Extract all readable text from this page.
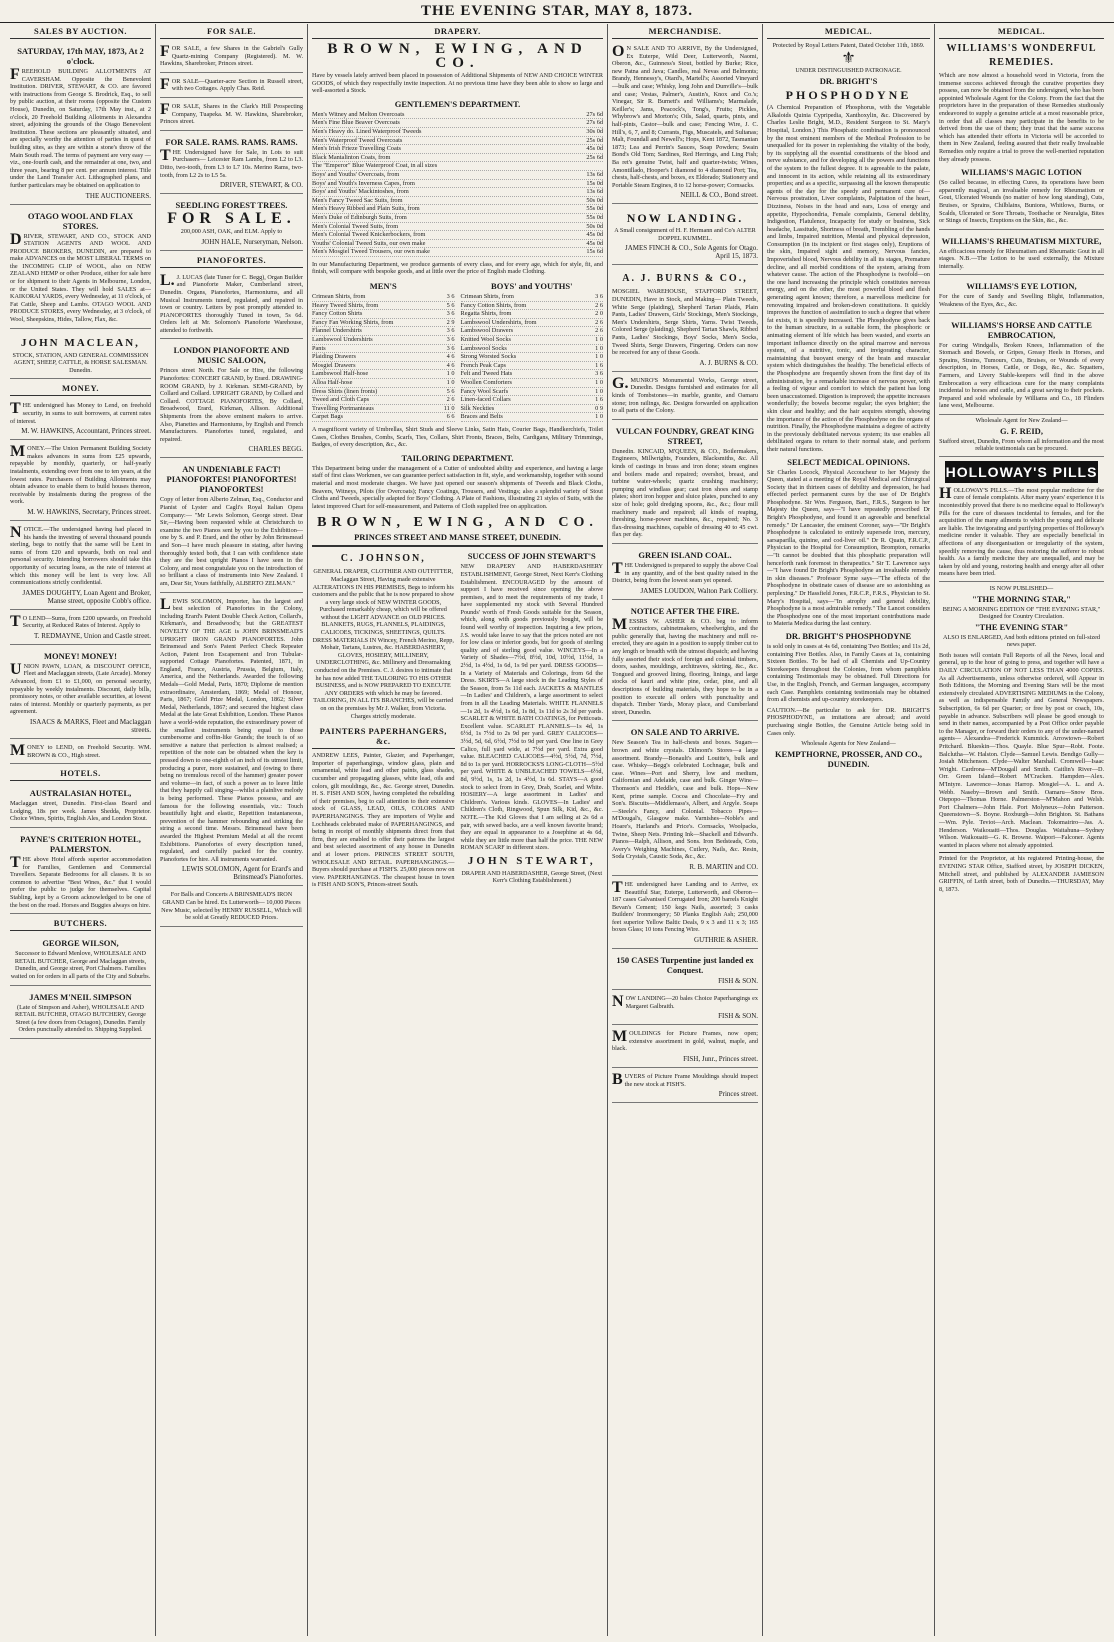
THE EVENING STAR, MAY 8, 1873.
SALES BY AUCTION.
SATURDAY, 17th MAY, 1873, At 2 o'clock.
FREEHOLD BUILDING ALLOTMENTS AT CAVERSHAM. Opposite the Benevolent Institution. DRIVER, STEWART, & CO. are favored with instructions from George S. Brodrick, Esq., to sell by public auction, at their rooms (opposite the Custom House), Dunedin, on Saturday, 17th May inst., at 2 o'clock, 20 Freehold Building Allotments in Alexandra street, adjoining the grounds of the Otago Benevolent Institution. These sections are pleasantly situated, and are specially worthy the attention of parties in quest of building sites, as they are within a stone's throw of the Main South road. The terms of payment are very easy — viz., one-fourth cash, and the remainder at one, two, and three years, bearing 8 per cent. per annum interest. Title under the Land Transfer Act. Lithographed plans, and further particulars may be obtained on application to
THE AUCTIONEERS.
OTAGO WOOL AND FLAX STORES.
DRIVER, STEWART, AND CO., STOCK AND STATION AGENTS AND WOOL AND PRODUCE BROKERS, DUNEDIN, are prepared to make ADVANCES on the MOST LIBERAL TERMS on the INCOMING CLIP of WOOL, also on NEW ZEALAND HEMP or other Produce, either for sale here or for shipment to their Agents in Melbourne, London, or the United States. They will hold SALES at— KAIKORAI YARDS, every Wednesday, at 11 o'clock, of Fat Cattle, Sheep and Lambs. OTAGO WOOL AND PRODUCE STORES, every Wednesday, at 3 o'clock, of Wool, Sheepskins, Hides, Tallow, Flax, &c.
JOHN MACLEAN,
STOCK, STATION, AND GENERAL COMMISSION AGENT, SHEEP, CATTLE, & HORSE SALESMAN. Dunedin.
MONEY.
THE undersigned has Money to Lend, on freehold security, in sums to suit borrowers, at current rates of interest.
M. W. HAWKINS, Accountant, Princes street.
MONEY.—The Union Permanent Building Society makes advances in sums from £25 upwards, repayable by monthly, quarterly, or half-yearly instalments, extending over from one to ten years, at the lowest rates. Purchasers of Building Allotments may obtain advance to enable them to build houses thereon, receivable by instalments during the progress of the work.
M. W. HAWKINS, Secretary, Princes street.
NOTICE.—The undersigned having had placed in his hands the investing of several thousand pounds sterling, begs to notify that the same will be Lent in sums of from £20 and upwards, both on real and personal security. Intending borrowers should take this opportunity of securing loans, as the rate of interest at which this money will be lent is very low. All communications strictly confidential.
JAMES DOUGHTY, Loan Agent and Broker, Manse street, opposite Cobb's office.
TO LEND—Sums, from £200 upwards, on Freehold Security, at Reduced Rates of Interest. Apply to
T. REDMAYNE, Union and Castle street.
MONEY! MONEY!
UNION PAWN, LOAN, & DISCOUNT OFFICE, Fleet and Maclaggan streets, (Late Arcade). Money Advanced, from £1 to £1,000, on personal security, repayable by weekly instalments. Discount, daily bills, promissory notes, or other available securities, at lowest rates of interest. Monthly or quarterly payments, as per agreement.
ISAACS & MARKS, Fleet and Maclaggan streets.
MONEY to LEND, on Freehold Security. WM. BROWN & CO., High street.
HOTELS.
AUSTRALASIAN HOTEL,
Maclaggan street, Dunedin. First-class Board and Lodging, 18s per week. James Shedda, Proprietor. Choice Wines, Spirits, English Ales, and London Stout.
PAYNE'S CRITERION HOTEL, PALMERSTON.
THE above Hotel affords superior accommodation for Families, Gentlemen and Commercial Travellers. Separate Bedrooms for all classes. It is so common to advertise "Best Wines, &c." that I would prefer the public to judge for themselves. Capital Stabling, kept by a Groom acknowledged to be one of the best on the road. Horses and Buggies always on hire.
BUTCHERS.
GEORGE WILSON,
Successor to Edward Menlove, WHOLESALE AND RETAIL BUTCHER, George and Maclaggan streets, Dunedin, and George street, Port Chalmers. Families waited on for orders in all parts of the City and Suburbs.
JAMES M'NEIL SIMPSON
(Late of Simpson and Asher), WHOLESALE AND RETAIL BUTCHER, OTAGO BUTCHERY, George Street (a few doors from Octagon), Dunedin. Family Orders punctually attended to. Shipping Supplied.
FOR SALE.
FOR SALE, a few Shares in the Gabriel's Gully Quartz-mining Company (Registered). M. W. Hawkins, Sharebroker, Princes street.
FOR SALE—Quarter-acre Section in Russell street, with two Cottages. Apply Chas. Reid.
FOR SALE, Shares in the Clark's Hill Prospecting Company, Tuapeka. M. W. Hawkins, Sharebroker, Princes street.
FOR SALE. RAMS. RAMS. RAMS.
THE Undersigned have for Sale, in Lots to suit Purchasers— Leicester Ram Lambs, from L2 to L3. Ditto, two-tooth, from L3 to L7 10s. Merino Rams, two-tooth, from L2 2s to L5 5s.
DRIVER, STEWART, & CO.
SEEDLING FOREST TREES.
FOR SALE.
200,000 ASH, OAK, and ELM. Apply to
JOHN HALE, Nurseryman, Nelson.
PIANOFORTES.
L.J. LUCAS (late Tuner for C. Begg), Organ Builder and Pianoforte Maker, Cumberland street, Dunedin. Organs, Pianofortes, Harmoniums, and all Musical Instruments tuned, regulated, and repaired in town or country. Letters by post promptly attended to. PIANOFORTES thoroughly Tuned in town, 5s 6d. Orders left at Mr. Solomon's Pianoforte Warehouse, attended to forthwith.
LONDON PIANOFORTE AND MUSIC SALOON,
Princes street North. For Sale or Hire, the following Pianofortes: CONCERT GRAND, by Erard. DRAWING-ROOM GRAND, by J. Kirkman. SEMI-GRAND, by Collard and Collard. UPRIGHT GRAND, by Collard and Collard. COTTAGE PIANOFORTES, By Collard, Broadwood, Erard, Kirkman, Allison. Additional Shipments from the above eminent makers to arrive. Also, Pianettes and Harmoniums, by English and French Manufacturers. Pianofortes tuned, regulated, and repaired.
CHARLES BEGG.
AN UNDENIABLE FACT! PIANOFORTES! PIANOFORTES! PIANOFORTES!
Copy of letter from Alberto Zelman, Esq., Conductor and Pianist of Lyster and Cagli's Royal Italian Opera Company:— "Mr Lewis Solomon, George street. Dear Sir,—Having been requested while at Christchurch to examine the two Pianos sent by you to the Exhibition—one by S. and P. Erard, and the other by John Brinsmead and Son—I have much pleasure in stating, after having thoroughly tested both, that I can with confidence state they are the best upright Pianos I have seen in the Colony, and most congratulate you on the introduction of so brilliant a class of instruments into New Zealand. I am, Dear Sir, Yours faithfully, ALBERTO ZELMAN."
LEWIS SOLOMON, Importer, has the largest and best selection of Pianofortes in the Colony, including Erard's Patent Double Check Action, Collard's, Kirkman's, and Broadwood's; but the GREATEST NOVELTY OF THE AGE is JOHN BRINSMEAD'S UPRIGHT IRON GRAND PIANOFORTES. John Brinsmead and Son's Patent Perfect Check Repeater Action, Patent Iron Escapement and Iron Tubular-supported Cottage Pianofortes. Patented, 1871, in England, France, Austria, Prussia, Belgium, Italy, America, and the Netherlands. Awarded the following Medals—Gold Medal, Paris, 1870; Diplome de mention extraordinaire, Amsterdam, 1869; Medal of Honour, Paris, 1867; Gold Prize Medal, London, 1862; Silver Medal, Netherlands, 1867; and secured the highest class Medal at the late Great Exhibition, London. These Pianos have a world-wide reputation, the extraordinary power of the smallest instruments being equal to those cumbersome and coffin-like Grands; the touch is of so sensitive a nature that perfection is almost realised; a repetition of the note can be obtained when the key is pressed down to one-eighth of an inch of its utmost limit, producing a purer, more sustained, and (owing to there being no tremulous recoil of the hammer) greater power and volume—in fact, of such a power as to leave little that they happily call singing—whilst a plainlive melody is being performed. These Pianos possess, and are famous for the following essentials, viz.: Touch beautifully light and elastic, Repetition instantaneous, prevention of the hammer rebounding and striking the string a second time. Messrs. Brinsmead have been awarded the Highest Premium Medal at all the recent Exhibitions. Pianofortes of every description tuned, regulated, and carefully packed for the country. Pianofortes for hire. All instruments warranted.
LEWIS SOLOMON, Agent for Erard's and Brinsmead's Pianofortes.
For Balls and Concerts A BRINSMEAD'S IRON GRAND Can be hired. Ex Lutterworth— 10,000 Pieces New Music, selected by HENRY RUSSELL, Which will be sold at Greatly REDUCED Prices.
DRAPERY.
BROWN, EWING, AND CO.
Have by vessels lately arrived been placed in possession of Additional Shipments of NEW AND CHOICE WINTER GOODS, of which they respectfully invite inspection. At no previous time have they been able to show so large and well-assorted a Stock.
GENTLEMEN'S DEPARTMENT.
Men's Witney and Melton Overcoats	27s 6d
Men's Fine Blue Beaver Overcoats	27s 6d
Men's Heavy do. Lined Waterproof Tweeds	30s 0d
Men's Waterproof Tweed Overcoats	25s 0d
Men's Irish Frieze Travelling Coats	45s 0d
Black Mantalinton Coats, from	25s 6d
The "Emperor" Blue Waterproof Coat, in all sizes
Boys' and Youths' Overcoats, from	13s 6d
Boys' and Youth's Inverness Capes, from	15s 0d
Boys' and Youths' Mackintoshes, from	13s 6d
Men's Fancy Tweed Sac Suits, from	50s 0d
Men's Heavy Ribbed and Plain Suits, from	55s 0d
Men's Duke of Edinburgh Suits, from	55s 0d
Men's Colonial Tweed Suits, from	50s 0d
Men's Colonial Tweed Knickerbockers, from	45s 0d
Youths' Colonial Tweed Suits, our own make	45s 0d
Men's Mosgiel Tweed Trousers, our own make	15s 6d
In our Manufacturing Department, we produce garments of every class, and for every age, which for style, fit, and finish, will compare with bespoke goods, and at little over the price of English made Clothing.
MEN'S
Crimean Shirts, from	3 6
Heavy Tweed Shirts, from	5 6
Fancy Cotton Shirts	3 6
Fancy Fan Working Shirts, from	2 9
Flannel Undershirts	3 6
Lambswool Undershirts	3 6
Pants	3 6
Plaiding Drawers	4 6
Mosgiel Drawers	4 6
Lambswool Half-hose	1 0
Alloa Half-hose	1 0
Dress Shirts (linen fronts)	5 6
Tweed and Cloth Caps	2 6
Travelling Portmanteaus	11 0
Carpet Bags	6 6
BOYS' and YOUTHS'
Crimean Shirts, from	3 6
Fancy Cotton Shirts, from	2 6
Regatta Shirts, from	2 0
Lambswool Undershirts, from	2 6
Lambswool Drawers	2 6
Knitted Wool Socks	1 0
Lambswool Socks	1 0
Strong Worsted Socks	1 0
French Peak Caps	1 6
Felt and Tweed Hats	3 6
Woollen Comforters	1 0
Fancy Wool Scarfs	1 0
Linen-faced Collars	1 6
Silk Neckties	0 9
Braces and Belts	1 0
A magnificent variety of Umbrellas, Shirt Studs and Sleeve Links, Satin Hats, Courier Bags, Handkerchiefs, Toilet Cases, Clothes Brushes, Combs, Scarfs, Ties, Collars, Shirt Fronts, Braces, Belts, Cardigans, Military Trimmings, Badges, of every description, &c., &c.
TAILORING DEPARTMENT.
This Department being under the management of a Cutter of undoubted ability and experience, and having a large staff of first class Workmen, we can guarantee perfect satisfaction in fit, style, and workmanship, together with sound material and most moderate charges. We have just opened our season's shipments of Tweeds and Black Cloths, Beavers, Witneys, Pilots (for Overcoats); Fancy Coatings, Trousers, and Vestings; also a splendid variety of Stout Cloths and Tweeds, specially adapted for Boys' Clothing. A Plate of Fashions, illustrating 21 styles of Suits, with the latest improved Chart for self-measurement, and Patterns of Cloth supplied free on application.
BROWN, EWING, AND CO.
PRINCES STREET AND MANSE STREET, DUNEDIN.
C. JOHNSON,
GENERAL DRAPER, CLOTHIER AND OUTFITTER, Maclaggan Street, Having made extensive ALTERATIONS IN HIS PREMISES, Begs to inform his customers and the public that he is now prepared to show a very large stock of NEW WINTER GOODS, Purchased remarkably cheap, which will be offered without the LIGHT ADVANCE on OLD PRICES. BLANKETS, RUGS, FLANNELS, PLAIDINGS, CALICOES, TICKINGS, SHEETINGS, QUILTS. DRESS MATERIALS IN Wincey, French Merino, Repp, Mohair, Tartans, Lustres, &c. HABERDASHERY, GLOVES, HOSIERY, MILLINERY, UNDERCLOTHING, &c. Millinery and Dressmaking conducted on the Premises. C. J. desires to intimate that he has now added THE TAILORING TO HIS OTHER BUSINESS, and is NOW PREPARED TO EXECUTE ANY ORDERS with which he may be favored. TAILORING, IN ALL ITS BRANCHES, will be carried on on the premises by Mr J. Walker, from Victoria. Charges strictly moderate.
PAINTERS PAPERHANGERS, &c.
ANDREW LEES, Painter, Glazier, and Paperhanger, Importer of paperhangings, window glass, plain and ornamental, white lead and other paints, glass shades, cucumber and propagating glasses, white lead, oils and colors, gilt mouldings, &c., &c. George street, Dunedin. H. S. FISH AND SON, having completed the rebuilding of their premises, beg to call attention to their extensive stock of GLASS, LEAD, OILS, COLORS AND PAPERHANGINGS. They are importers of Wylie and Lochheads celebrated make of PAPERHANGINGS, and being in receipt of monthly shipments direct from that firm, they are enabled to offer their patrons the largest and best selected assortment of any house in Dunedin and at lower prices. PRINCES STREET SOUTH, WHOLESALE AND RETAIL. PAPERHANGINGS.— Buyers should purchase at FISH'S. 25,000 pieces now on view. PAPERHANGINGS. The cheapest house in town is FISH AND SON'S, Princes-street South.
SUCCESS OF JOHN STEWART'S
NEW DRAPERY AND HABERDASHERY ESTABLISHMENT, George Street, Next Kerr's Clothing Establishment. ENCOURAGED by the amount of support I have received since opening the above premises, and to meet the requirements of my trade, I have supplemented my stock with Several Hundred Pounds' worth of Fresh Goods suitable for the Season, which, along with goods previously bought, will be found well worthy of inspection. Inquiring a few prices, J.S. would take leave to say that the prices noted are not for low class or inferior goods, but for goods of sterling quality and of sterling good value. WINCEYS—In a Variety of Shades—7½d, 8½d, 10d, 10½d, 11½d, 1s 2½d, 1s 4½d, 1s 6d, 1s 9d per yard. DRESS GOODS—In a Variety of Materials and Colorings, from 6d the Dress. SKIRTS—A large stock in the Leading Styles of the Season, from 5s 11d each. JACKETS & MANTLES—In Ladies' and Children's, a large assortment to select from in all the Leading Materials. WHITE FLANNELS—1s 2d, 1s 4½d, 1s 6d, 1s 8d, 1s 11d to 2s 3d per yards. SCARLET & WHITE BATH COATINGS, for Petticoats. Excellent value. SCARLET FLANNELS—1s 4d, 1s 6½d, 1s 7½d to 2s 9d per yard. GREY CALICOES—3½d, 5d, 6d, 6½d, 7½d to 9d per yard. One line in Grey Calico, full yard wide, at 7½d per yard. Extra good value. BLEACHED CALICOES—4½d, 5½d, 7d, 7½d, 8d to 1s per yard. HORROCKS'S LONG-CLOTH—5½d per yard. WHITE & UNBLEACHED TOWELS—6½d, 8d, 9½d, 1s, 1s 2d, 1s 4½d, 1s 6d. STAYS—A good stock to select from in Grey, Drab, Scarlet, and White. HOSIERY—A large assortment in Ladies' and Children's. Various kinds. GLOVES—In Ladies' and Children's Cloth, Ringwood, Spun Silk, Kid, &c., &c. NOTE.—The Kid Gloves that I am selling at 2s 6d a pair, with sewed backs, are a well known favorite brand; they are equal in appearance to a Josephine at 4s 6d, while they are little more than half the price. THE NEW ROMAN SCARF in different sizes.
JOHN STEWART,
DRAPER AND HABERDASHER, George Street, (Next Kerr's Clothing Establishment.)
MERCHANDISE.
ON SALE AND TO ARRIVE, By the Undersigned, Ex Euterpe, Wild Deer, Lutterworth, Naomi, Oberon, &c., Guinness's Stout, bottled by Burke; Rice, new Patna and Java; Candles, real Nevas and Belmonts; Brandy, Hennessy's, Otard's, Martell's; Assorted Vineyard—bulk and case; Whisky, long John and Dunville's—bulk and case; Vestas, Palmer's, Austin's, Knox and Co.'s; Vinegar, Sir R. Burnett's and Williams's; Marmalade, Keiller's; Jams, Peacock's, Tong's, Fruits; Pickles, Whybrow's and Morton's; Oils, Salad, quarts, pints, and half-pints, Castor—bulk and case; Fencing Wire, J. C. Hill's, 6, 7, and 8; Currants, Figs, Muscatels, and Sultanas; Malt, Foundall and Newell's; Hops, Kent 1872, Tasmanian 1873; Lea and Perrin's Sauces, Soap Powders; Swain Bond's Old Tom; Sardines, Red Herrings, and Ling Fish; Ba ret's genuine Twist, half and quarter-twists; Wines, Amontillado, Hooper's I diamond to 4 diamond Port; Tea, chests, half-chests, and boxes, ex Eldorado; Stationery and Portable Steam Engines, 8 to 12 horse-power; Cornsacks.
NEILL & CO., Bond street.
NOW LANDING.
A Small consignment of H. F. Hermann and Co's ALTER DOPPEL KUMMEL.
JAMES FINCH & CO., Sole Agents for Otago. April 15, 1873.
A. J. BURNS & CO.,
MOSGIEL WAREHOUSE, STAFFORD STREET, DUNEDIN, Have in Stock, and Making— Plain Tweeds, White Serge (plaiding), Shepherd Tartan Plaids, Plain Pants, Ladies' Drawers, Girls' Stockings, Men's Stockings, Men's Undershirts, Serge Shirts, Yarns. Twist Tweeds, Colored Serge (plaiding), Shepherd Tartan Shawls, Ribbed Pants, Ladies' Stockings, Boys' Socks, Men's Socks, Tweed Shirts, Serge Drawers, Fingering. Orders can now be received for any of these Goods.
A. J. BURNS & CO.
G.MUNRO'S Monumental Works, George street, Dunedin. Designs furnished and estimates for all kinds of Tombstones—in marble, granite, and Oamaru stone; iron railings, &c. Designs forwarded on application to all parts of the Colony.
VULCAN FOUNDRY, GREAT KING STREET,
Dunedin. KINCAID, M'QUEEN, & CO., Boilermakers, Engineers, Millwrights, Founders, Blacksmiths, &c. All kinds of castings in brass and iron done; steam engines and boilers made and repaired; overshot, breast, and turbine water-wheels; quartz crushing machinery; pumping and windlass gear; cast iron shoes and stamp plates; short iron hopper and sluice plates, punched to any size of hole; gold dredging spoons, &c., &c.; flour mill machinery made and repaired; all kinds of reaping, threshing, horse-power machines, &c., repaired; No. 3 flax-dressing machines, capable of dressing 40 to 45 cwt. flax per day.
GREEN ISLAND COAL.
THE Undersigned is prepared to supply the above Coal in any quantity, and of the best quality raised in the District, being from the lowest seam yet opened.
JAMES LOUDON, Walton Park Colliery.
NOTICE AFTER THE FIRE.
MESSRS W. ASHER & CO. beg to inform contractors, cabinetmakers, wheelwrights, and the public generally that, having the machinery and mill re-erected, they are again in a position to supply timber cut to any length or breadth with the utmost dispatch; and having fully assorted their stock of foreign and colonial timbers, doors, sashes, mouldings, architraves, skirting, &c., &c. Tongued and grooved lining, flooring, linings, and large stocks of kauri and white pine, cedar, pine, and all descriptions of building materials, they hope to be in a position to execute all orders with punctuality and dispatch. Timber Yards, Moray place, and Cumberland street, Dunedin.
ON SALE AND TO ARRIVE.
New Season's Tea in half-chests and boxes. Sugars—brown and white crystals. Dilmont's Stores—a large assortment. Brandy—Bonault's and Louitte's, bulk and case. Whisky—Begg's celebrated Lochnagar, bulk and case. Wines—Port and Sherry, low and medium, Californian and Adelaide, case and bulk. Ginger Wine—Thomson's and Heddle's, case and bulk. Hops—New Kent, prime sample. Cocoa and Chocolate—Fry and Son's. Biscuits—Middlemass's, Albert, and Argyle. Soaps—Steele's Fancy, and Colonial. Tobacco Pipes—M'Dougal's, Glasgow make. Varnishes—Noble's and Hoare's, Harland's and Price's. Cornsacks, Woolpacks, Twine, Sheep Nets. Printing Ink—Shackell and Edward's. Pianos—Ralph, Allison, and Sons. Iron Bedsteads, Cots, Avery's Weighing Machines, Cutlery, Nails, &c. Resin, Soda Crystals, Caustic Soda, &c., &c.
R. B. MARTIN and CO.
THE undersigned have Landing and to Arrive, ex Beautiful Star, Euterpe, Lutterworth, and Oberon— 187 cases Galvanised Corrugated Iron; 200 barrels Knight Bevan's Cement; 150 kegs Nails, assorted; 3 casks Builders' Ironmongery; 50 Planks English Ash; 250,000 feet superior Yellow Baltic Deals, 9 x 3 and 11 x 3; 165 boxes Glass; 10 tons Fencing Wire.
GUTHRIE & ASHER.
150 CASES Turpentine just landed ex Conquest.
FISH & SON.
NOW LANDING—20 bales Choice Paperhangings ex Margaret Galbraith.
FISH & SON.
MOULDINGS for Picture Frames, now open; extensive assortment in gold, walnut, maple, and black.
FISH, Junr., Princes street.
BUYERS of Picture Frame Mouldings should inspect the new stock at FISH'S.
Princes street.
MEDICAL.
Protected by Royal Letters Patent, Dated October 11th, 1869.
⚜
UNDER DISTINGUISHED PATRONAGE.
DR. BRIGHT'S
PHOSPHODYNE
(A Chemical Preparation of Phosphorus, with the Vegetable Alkaloids Quinia Cypripedia, Xanthoxylin, &c. Discovered by Charles Leslie Bright, M.D., Resident Surgeon to St. Mary's Hospital, London.) This Phosphatic combination is pronounced by the most eminent members of the Medical Profession to be unequalled for its power in replenishing the vitality of the body, by its supplying all the essential constituents of the blood and nerve substance, and for developing all the powers and functions of the system to the fullest degree. It is agreeable to the palate, and innocent in its action, while retaining all its extraordinary properties; and as a specific, surpassing all the known therapeutic agents of the day for the speedy and permanent cure of— Nervous prostration, Liver complaints, Palpitation of the heart, Dizziness, Noises in the head and ears, Loss of energy and appetite, Hypochondria, Female complaints, General debility, Indigestion, Flatulence, Incapacity for study or business, Sick headache, Lassitude, Shortness of breath, Trembling of the hands and limbs, Impaired nutrition, Mental and physical depression, Consumption (in its incipient or first stages only), Eruptions of the skin, Impaired sight and memory, Nervous fancies, Impoverished blood, Nervous debility in all its stages, Premature decline, and all morbid conditions of the system, arising from whatever cause. The action of the Phosphodyne is twofold—on the one hand increasing the principle which constitutes nervous energy, and on the other, the most powerful blood and flesh generating agent known; therefore, a marvellous medicine for renovating impaired and broken-down constitutions. It quickly improves the function of assimilation to such a degree that where fat exists, it is speedily increased. The Phosphodyne gives back to the human structure, in a suitable form, the phosphoric or animating element of life which has been wasted, and exerts an important influence directly on the spinal marrow and nervous system, of a nutritive, tonic, and invigorating character, maintaining that buoyant energy of the brain and muscular system which distinguishes the healthy. The beneficial effects of the Phosphodyne are frequently shown from the first day of its administration, by a remarkable increase of nervous power, with a feeling of vigour and comfort to which the patient has long been unaccustomed. Digestion is improved; the appetite increases wonderfully; the bowels become regular; the eyes brighter; the skin clear and healthy; and the hair acquires strength, showing the importance of the action of the Phosphodyne on the organs of nutrition. Finally, the Phosphodyne maintains a degree of activity in the previously debilitated nervous system; its use enables all debilitated organs to return to their normal state, and perform their natural functions.
SELECT MEDICAL OPINIONS.
Sir Charles Locock, Physical Accoucheur to her Majesty the Queen, stated at a meeting of the Royal Medical and Chirurgical Society that in thirteen cases of debility and depression, he had effected perfect permanent cures by the use of Dr Bright's Phosphodyne. Sir Wm. Ferguson, Bart., F.R.S., Surgeon to her Majesty the Queen, says—"I have repeatedly prescribed Dr Bright's Phosphodyne, and found it an agreeable and beneficial remedy." Dr Lancaster, the eminent Coroner, says—"Dr Bright's Phosphodyne is calculated to entirely supersede iron, mercury, sarsaparilla, quinine, and cod-liver oil." Dr R. Quain, F.R.C.P., Physician to the Hospital for Consumption, Brompton, remarks—"It cannot be doubted that this phosphatic preparation will henceforth rank foremost in therapeutics." Sir T. Lawrence says—"I have found Dr Bright's Phosphodyne an invaluable remedy in skin diseases." Professor Syme says—"The effects of the Phosphodyne in obstinate cases of disease are so astonishing as perplexing." Dr Hassfield Jones, F.R.C.P., F.R.S., Physician to St. Mary's Hospital, says—"In atrophy and general debility, Phosphodyne is a most admirable remedy." The Lancet considers the Phosphodyne one of the most important contributions made to Materia Medica during the last century.
DR. BRIGHT'S PHOSPHODYNE
is sold only in cases at 4s 6d, containing Two Bottles; and 11s 2d, containing Five Bottles. Also, in Family Cases at 1s, containing Sixteen Bottles. To be had of all Chemists and Up-Country Storekeepers throughout the Colonies, from whom pamphlets containing Testimonials may be obtained. Full Directions for Use, in the English, French, and German languages, accompany each Case. Pamphlets containing testimonials may be obtained from all chemists and up-country storekeepers.
CAUTION.—Be particular to ask for DR. BRIGHT'S PHOSPHODYNE, as imitations are abroad; and avoid purchasing single Bottles, the Genuine Article being sold in Cases only.
Wholesale Agents for New Zealand—
KEMPTHORNE, PROSSER, AND CO., DUNEDIN.
MEDICAL.
WILLIAMS'S WONDERFUL REMEDIES.
Which are now almost a household word in Victoria, from the immense success achieved through the curative properties they possess, can now be obtained from the undersigned, who has been appointed Wholesale Agent for the Colony. From the fact that the proprietors have in the preparation of these Remedies studiously endeavored to supply a genuine article at a most reasonable price, in order that all classes may participate in the benefits to be derived from the use of them; they trust that the same success which has attended their efforts in Victoria will be accorded to them in New Zealand, feeling assured that their really Invaluable Remedies only require a trial to prove the well-merited reputation they already possess.
WILLIAMS'S MAGIC LOTION
(So called because, in effecting Cures, its operations have been apparently magical, an invaluable remedy for Rheumatism or Gout, Ulcerated Wounds (no matter of how long standing), Cuts, Bruises, or Sprains, Chilblains, Bunions, Whitlows, Burns, or Scalds, Ulcerated or Sore Throats, Toothache or Neuralgia, Bites or Stings of Insects, Eruptions on the Skin, &c., &c.
WILLIAMS'S RHEUMATISM MIXTURE,
An efficacious remedy for Rheumatism and Rheumatic Gout in all stages. N.B.—The Lotion to be used externally, the Mixture internally.
WILLIAMS'S EYE LOTION,
For the cure of Sandy and Swelling Blight, Inflammation, Weakness of the Eyes, &c., &c.
WILLIAMS'S HORSE AND CATTLE EMBROCATION,
For curing Windgalls, Broken Knees, Inflammation of the Stomach and Bowels, or Gripes, Greasy Heels in Horses, and Sprains, Strains, Tumours, Cuts, Bruises, or Wounds of every description, in Horses, Cattle, or Dogs, &c., &c. Squatters, Farmers, and Livery Stable-keepers will find in the above Embrocation a very efficacious cure for the many complaints incidental to horses and cattle, and a great saving to their pockets. Prepared and sold wholesale by Williams and Co., 18 Flinders lane west, Melbourne.
Wholesale Agent for New Zealand—
G. F. REID,
Stafford street, Dunedin, From whom all information and the most reliable testimonials can be procured.
HOLLOWAY'S PILLS
HOLLOWAY'S PILLS.—The most popular medicine for the cure of female complaints. After many years' experience it is incontestibly proved that there is no medicine equal to Holloway's Pills for the cure of diseases incidental to females, and for the acquisition of the many ailments to which the young and delicate are liable. The invigorating and purifying properties of Holloway's medicine render it valuable. They are especially beneficial in affections of any disorganisation or irregularity of the system, speedily removing the cause, thus restoring the sufferer to robust health. As a family medicine they are unequalled, and may be taken by old and young, restoring health and energy after all other means have been tried.
IS NOW PUBLISHED—
"THE MORNING STAR,"
BEING A MORNING EDITION OF "THE EVENING STAR," Designed for Country Circulation.
"THE EVENING STAR"
ALSO IS ENLARGED, And both editions printed on full-sized news paper.
Both issues will contain Full Reports of all the News, local and general, up to the hour of going to press, and together will have a DAILY CIRCULATION OF NOT LESS THAN 4000 COPIES. As all Advertisements, unless otherwise ordered, will Appear in Both Editions, the Morning and Evening Stars will be the most extensively circulated ADVERTISING MEDIUMS in the Colony, as well as indispensable Family and General Newspapers. Subscription, 6s 6d per Quarter; or free by post or coach, 10s, payable in advance. Subscribers will please be good enough to send in their names, accompanied by a Post Office order payable to the Manager, or forward their orders to any of the under-named agents— Alexandra—Frederick Kummick. Arrowtown—Robert Pritchard. Blueskin—Thos. Quayle. Blue Spur—Robt. Foote. Balclutha—W. Halston. Clyde—Samuel Lewis. Bendigo Gully—Josiah Mitchenson. Clyde—Walter Marshall. Cromwell—Isaac Wright. Cardrona—M'Dougall and Smith. Caitlin's River—D. Orr. Green Island—Robert M'Cracken. Hampden—Alex. M'Intyre. Lawrence—Jonas Harrop. Mosgiel—A. L. and A. Webb. Naseby—Brown and Smith. Oamaru—Snow Bros. Otepopo—Thomas Horne. Palmerston—M'Mahon and Welsh. Port Chalmers—John Hale. Port Molyneux—John Patterson. Queenstown—S. Boyne. Roxburgh—John Brighton. St. Bathans—Wm. Pyle. Teviot—Arch. Maclean. Tokomairiro—Jas. A. Henderson. Waikouaiti—Thos. Douglas. Waitahuna—Sydney Wilson. Waikouaiti—G. K. Browne. Waipori—Falconer. Agents wanted in places where not already appointed.
Printed for the Proprietor, at his registered Printing-house, the EVENING STAR Office, Stafford street, by JOSEPH DICKEN, Mitchell street, and published by ALEXANDER JAMIESON GRIFFIN, of Leith street, both of Dunedin.—THURSDAY, May 8, 1873.
